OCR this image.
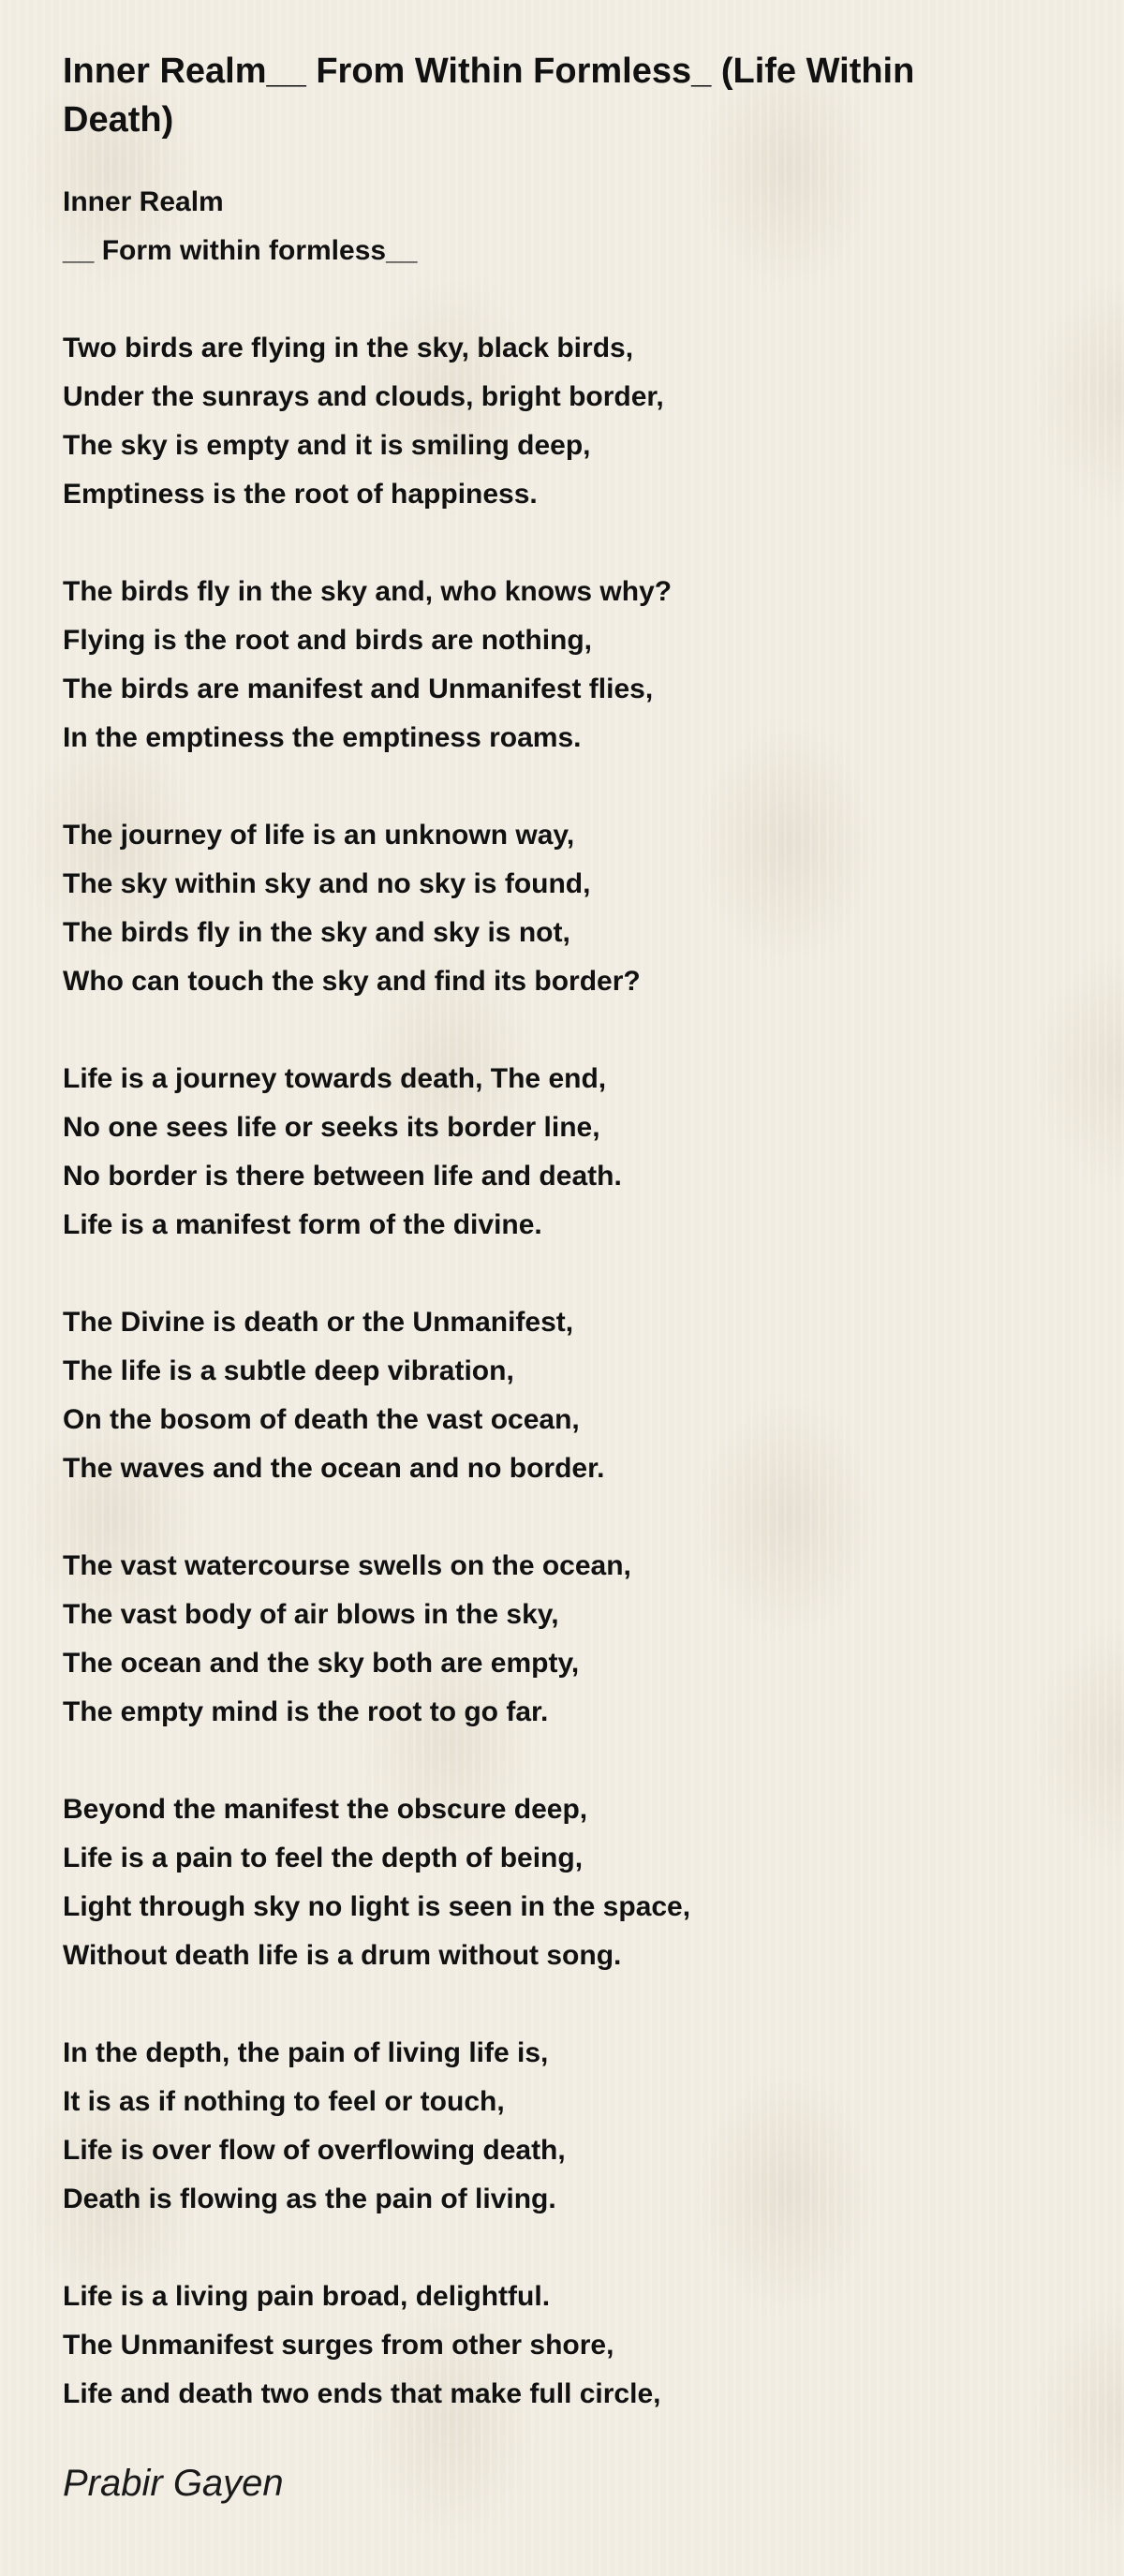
Inner Realm__ From Within Formless_ (Life Within Death)
Inner Realm
__ Form within formless__
Two birds are flying in the sky, black birds,
Under the sunrays and clouds, bright border,
The sky is empty and it is smiling deep,
Emptiness is the root of happiness.
The birds fly in the sky and, who knows why?
Flying is the root and birds are nothing,
The birds are manifest and Unmanifest flies,
In the emptiness the emptiness roams.
The journey of life is an unknown way,
The sky within sky and no sky is found,
The birds fly in the sky and sky is not,
Who can touch the sky and find its border?
Life is a journey towards death, The end,
No one sees life or seeks its border line,
No border is there between life and death.
Life is a manifest form of the divine.
The Divine is death or the Unmanifest,
The life is a subtle deep vibration,
On the bosom of death the vast ocean,
The waves and the ocean and no border.
The vast watercourse swells on the ocean,
The vast body of air blows in the sky,
The ocean and the sky both are empty,
The empty mind is the root to go far.
Beyond the manifest the obscure deep,
Life is a pain to feel the depth of being,
Light through sky no light is seen in the space,
Without death life is a drum without song.
In the depth, the pain of living life is,
It is as if nothing to feel or touch,
Life is over flow of overflowing death,
Death is flowing as the pain of living.
Life is a living pain broad, delightful.
The Unmanifest surges from other shore,
Life and death two ends that make full circle,
Prabir Gayen
